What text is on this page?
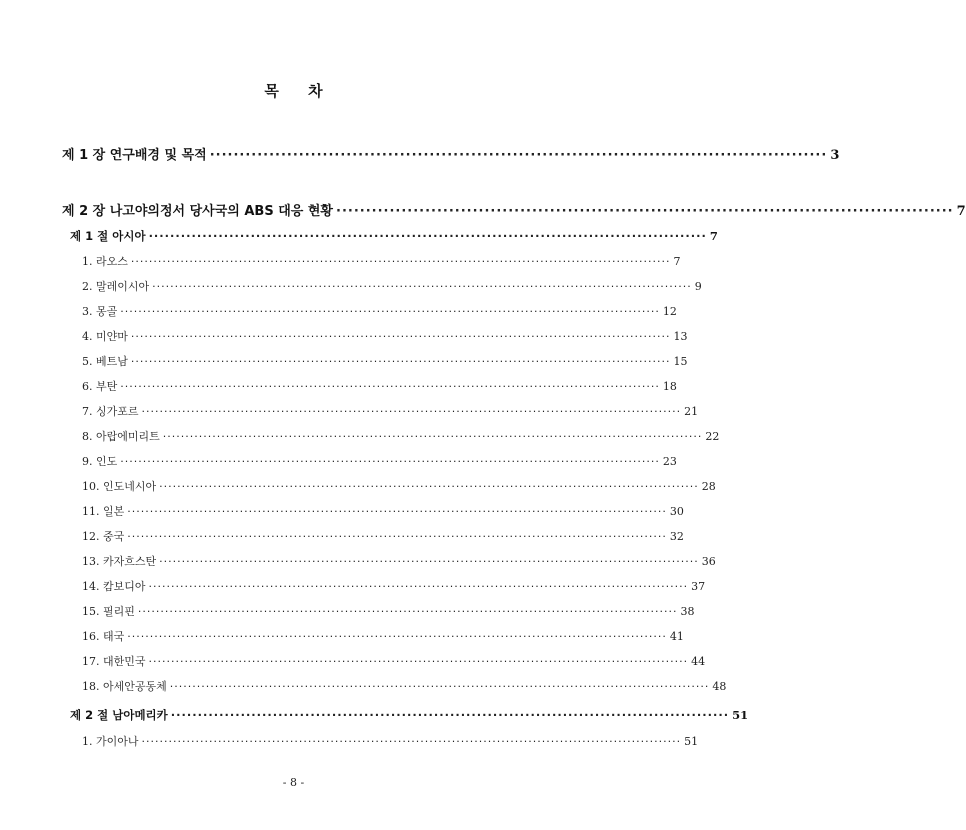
목 차
제 1 장 연구배경 및 목적 ········································································································ 3
제 2 장 나고야의정서 당사국의 ABS 대응 현황 ········································································································ 7
제 1 절 아시아 ········································································································ 7
1. 라오스 ························································································································ 7
2. 말레이시아 ························································································································ 9
3. 몽골 ························································································································ 12
4. 미얀마 ························································································································ 13
5. 베트남 ························································································································ 15
6. 부탄 ························································································································ 18
7. 싱가포르 ························································································································ 21
8. 아랍에미리트 ························································································································ 22
9. 인도 ························································································································ 23
10. 인도네시아 ························································································································ 28
11. 일본 ························································································································ 30
12. 중국 ························································································································ 32
13. 카자흐스탄 ························································································································ 36
14. 캄보디아 ························································································································ 37
15. 필리핀 ························································································································ 38
16. 태국 ························································································································ 41
17. 대한민국 ························································································································ 44
18. 아세안공동체 ························································································································ 48
제 2 절 남아메리카 ········································································································ 51
1. 가이아나 ························································································································ 51
- 8 -
